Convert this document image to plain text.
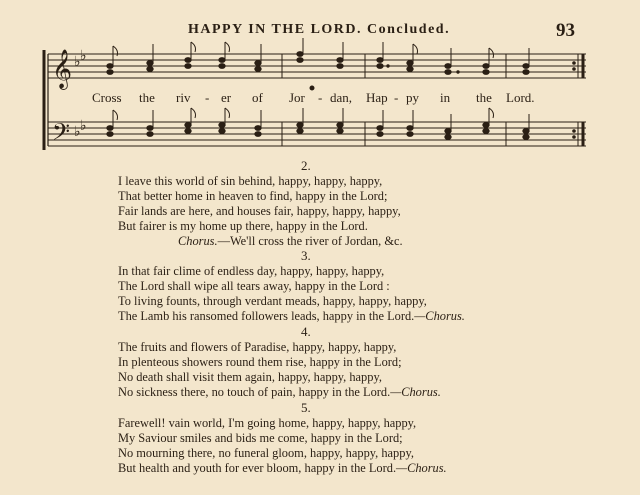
HAPPY IN THE LORD. Concluded.	93
𝄞
𝄢
♭ ♭
♭ ♭
Cross the riv - er of Jor - dan, Hap - py in the Lord.
2.
I leave this world of sin behind, happy, happy, happy,
That better home in heaven to find, happy in the Lord;
Fair lands are here, and houses fair, happy, happy, happy,
But fairer is my home up there, happy in the Lord.
Chorus.—We'll cross the river of Jordan, &c.
3.
In that fair clime of endless day, happy, happy, happy,
The Lord shall wipe all tears away, happy in the Lord :
To living founts, through verdant meads, happy, happy, happy,
The Lamb his ransomed followers leads, happy in the Lord.—Chorus.
4.
The fruits and flowers of Paradise, happy, happy, happy,
In plenteous showers round them rise, happy in the Lord;
No death shall visit them again, happy, happy, happy,
No sickness there, no touch of pain, happy in the Lord.—Chorus.
5.
Farewell! vain world, I'm going home, happy, happy, happy,
My Saviour smiles and bids me come, happy in the Lord;
No mourning there, no funeral gloom, happy, happy, happy,
But health and youth for ever bloom, happy in the Lord.—Chorus.
